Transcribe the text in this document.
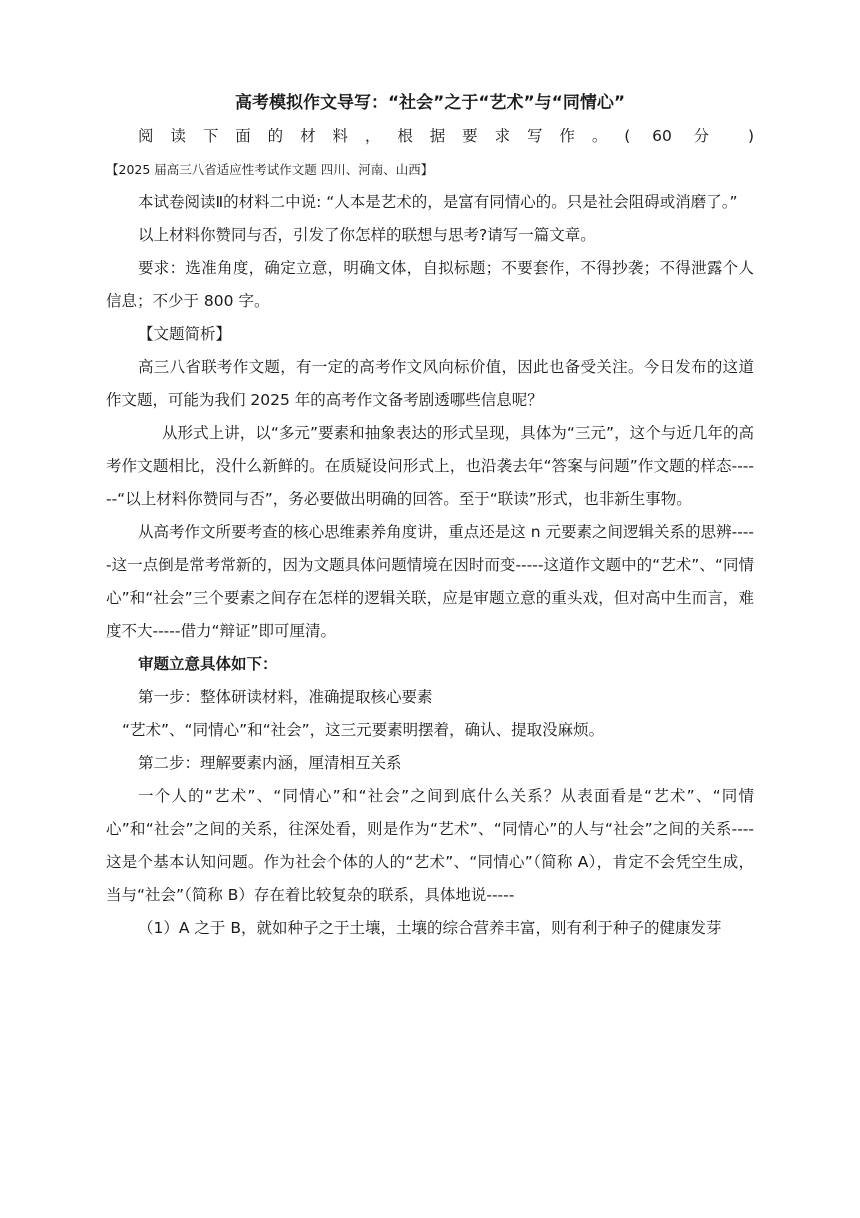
高考模拟作文导写：“社会”之于“艺术”与“同情心”

阅读下面的材料，根据要求写作。( 60 分 )【2025 届高三八省适应性考试作文题 四川、河南、山西】

本试卷阅读Ⅱ的材料二中说: “人本是艺术的，是富有同情心的。只是社会阻碍或消磨了。”

以上材料你赞同与否，引发了你怎样的联想与思考?请写一篇文章。

要求：选准角度，确定立意，明确文体，自拟标题；不要套作，不得抄袭；不得泄露个人信息；不少于 800 字。

【文题简析】

高三八省联考作文题，有一定的高考作文风向标价值，因此也备受关注。今日发布的这道作文题，可能为我们 2025 年的高考作文备考剧透哪些信息呢？

从形式上讲，以“多元”要素和抽象表达的形式呈现，具体为“三元”，这个与近几年的高考作文题相比，没什么新鲜的。在质疑设问形式上，也沿袭去年“答案与问题”作文题的样态------“以上材料你赞同与否”，务必要做出明确的回答。至于“联读”形式，也非新生事物。

从高考作文所要考查的核心思维素养角度讲，重点还是这 n 元要素之间逻辑关系的思辨-----这一点倒是常考常新的，因为文题具体问题情境在因时而变-----这道作文题中的“艺术”、“同情心”和“社会”三个要素之间存在怎样的逻辑关联，应是审题立意的重头戏，但对高中生而言，难度不大-----借力“辩证”即可厘清。

审题立意具体如下：

第一步：整体研读材料，准确提取核心要素

“艺术”、“同情心”和“社会”，这三元要素明摆着，确认、提取没麻烦。

第二步：理解要素内涵，厘清相互关系

一个人的“艺术”、“同情心”和“社会”之间到底什么关系？从表面看是“艺术”、“同情心”和“社会”之间的关系，往深处看，则是作为“艺术”、“同情心”的人与“社会”之间的关系----这是个基本认知问题。作为社会个体的人的“艺术”、“同情心”（简称 A），肯定不会凭空生成，当与“社会”（简称 B）存在着比较复杂的联系，具体地说-----

（1）A 之于 B，就如种子之于土壤，土壤的综合营养丰富，则有利于种子的健康发芽
